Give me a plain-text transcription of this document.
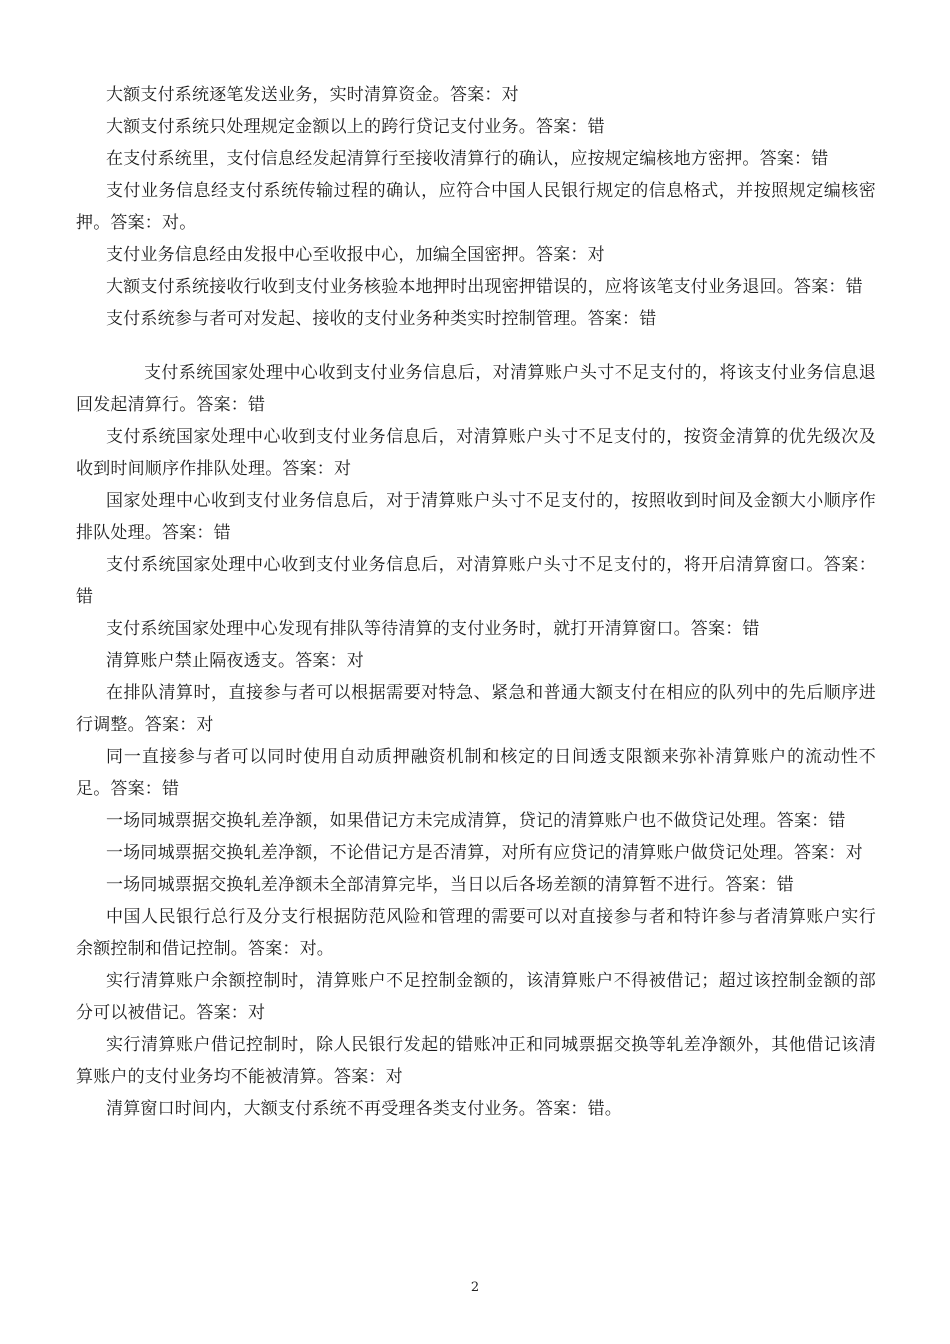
大额支付系统逐笔发送业务，实时清算资金。答案：对

大额支付系统只处理规定金额以上的跨行贷记支付业务。答案：错

在支付系统里，支付信息经发起清算行至接收清算行的确认，应按规定编核地方密押。答案：错

支付业务信息经支付系统传输过程的确认，应符合中国人民银行规定的信息格式，并按照规定编核密押。答案：对。

支付业务信息经由发报中心至收报中心，加编全国密押。答案：对

大额支付系统接收行收到支付业务核验本地押时出现密押错误的，应将该笔支付业务退回。答案：错

支付系统参与者可对发起、接收的支付业务种类实时控制管理。答案：错

支付系统国家处理中心收到支付业务信息后，对清算账户头寸不足支付的，将该支付业务信息退回发起清算行。答案：错

支付系统国家处理中心收到支付业务信息后，对清算账户头寸不足支付的，按资金清算的优先级次及收到时间顺序作排队处理。答案：对

国家处理中心收到支付业务信息后，对于清算账户头寸不足支付的，按照收到时间及金额大小顺序作排队处理。答案：错

支付系统国家处理中心收到支付业务信息后，对清算账户头寸不足支付的，将开启清算窗口。答案：错

支付系统国家处理中心发现有排队等待清算的支付业务时，就打开清算窗口。答案：错

清算账户禁止隔夜透支。答案：对

在排队清算时，直接参与者可以根据需要对特急、紧急和普通大额支付在相应的队列中的先后顺序进行调整。答案：对

同一直接参与者可以同时使用自动质押融资机制和核定的日间透支限额来弥补清算账户的流动性不足。答案：错

一场同城票据交换轧差净额，如果借记方未完成清算，贷记的清算账户也不做贷记处理。答案：错

一场同城票据交换轧差净额，不论借记方是否清算，对所有应贷记的清算账户做贷记处理。答案：对

一场同城票据交换轧差净额未全部清算完毕，当日以后各场差额的清算暂不进行。答案：错

中国人民银行总行及分支行根据防范风险和管理的需要可以对直接参与者和特许参与者清算账户实行余额控制和借记控制。答案：对。

实行清算账户余额控制时，清算账户不足控制金额的，该清算账户不得被借记；超过该控制金额的部分可以被借记。答案：对

实行清算账户借记控制时，除人民银行发起的错账冲正和同城票据交换等轧差净额外，其他借记该清算账户的支付业务均不能被清算。答案：对

清算窗口时间内，大额支付系统不再受理各类支付业务。答案：错。

2
